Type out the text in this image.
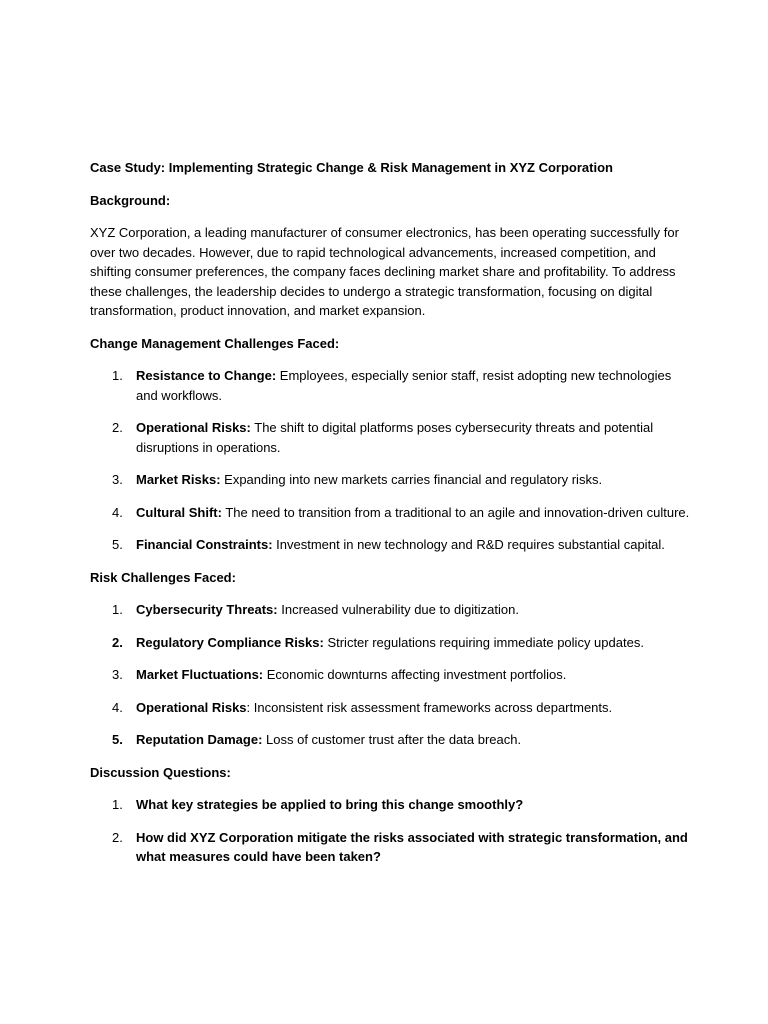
Case Study: Implementing Strategic Change & Risk Management in XYZ Corporation

Background:

XYZ Corporation, a leading manufacturer of consumer electronics, has been operating successfully for over two decades. However, due to rapid technological advancements, increased competition, and shifting consumer preferences, the company faces declining market share and profitability. To address these challenges, the leadership decides to undergo a strategic transformation, focusing on digital transformation, product innovation, and market expansion.

Change Management Challenges Faced:

1.	Resistance to Change: Employees, especially senior staff, resist adopting new technologies and workflows.
2.	Operational Risks: The shift to digital platforms poses cybersecurity threats and potential disruptions in operations.
3.	Market Risks: Expanding into new markets carries financial and regulatory risks.
4.	Cultural Shift: The need to transition from a traditional to an agile and innovation-driven culture.
5.	Financial Constraints: Investment in new technology and R&D requires substantial capital.

Risk Challenges Faced:

1.	Cybersecurity Threats: Increased vulnerability due to digitization.
2.	Regulatory Compliance Risks: Stricter regulations requiring immediate policy updates.
3.	Market Fluctuations: Economic downturns affecting investment portfolios.
4.	Operational Risks: Inconsistent risk assessment frameworks across departments.
5.	Reputation Damage: Loss of customer trust after the data breach.

Discussion Questions:

1.	What key strategies be applied to bring this change smoothly?
2.	How did XYZ Corporation mitigate the risks associated with strategic transformation, and what measures could have been taken?
